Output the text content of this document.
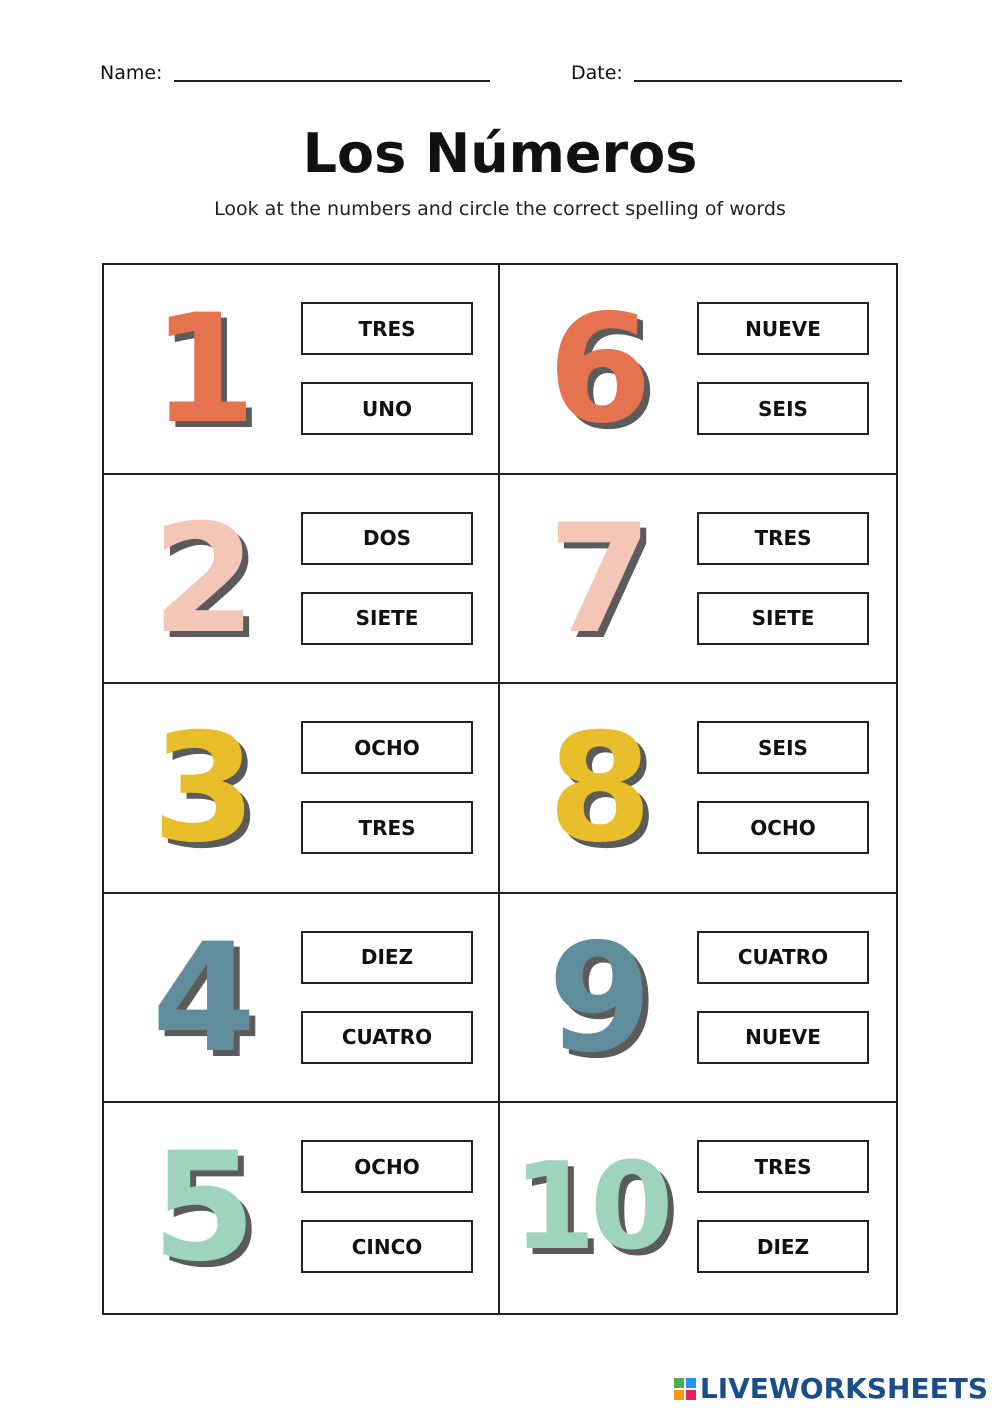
Name:	Date:
Los Números
Look at the numbers and circle the correct spelling of words
1	TRES
UNO 6	NUEVE
SEIS
2	DOS
SIETE 7	TRES
SIETE
3	OCHO
TRES 8	SEIS
OCHO
4	DIEZ
CUATRO 9	CUATRO
NUEVE
5	OCHO
CINCO 10	TRES
DIEZ
LIVEWORKSHEETS
